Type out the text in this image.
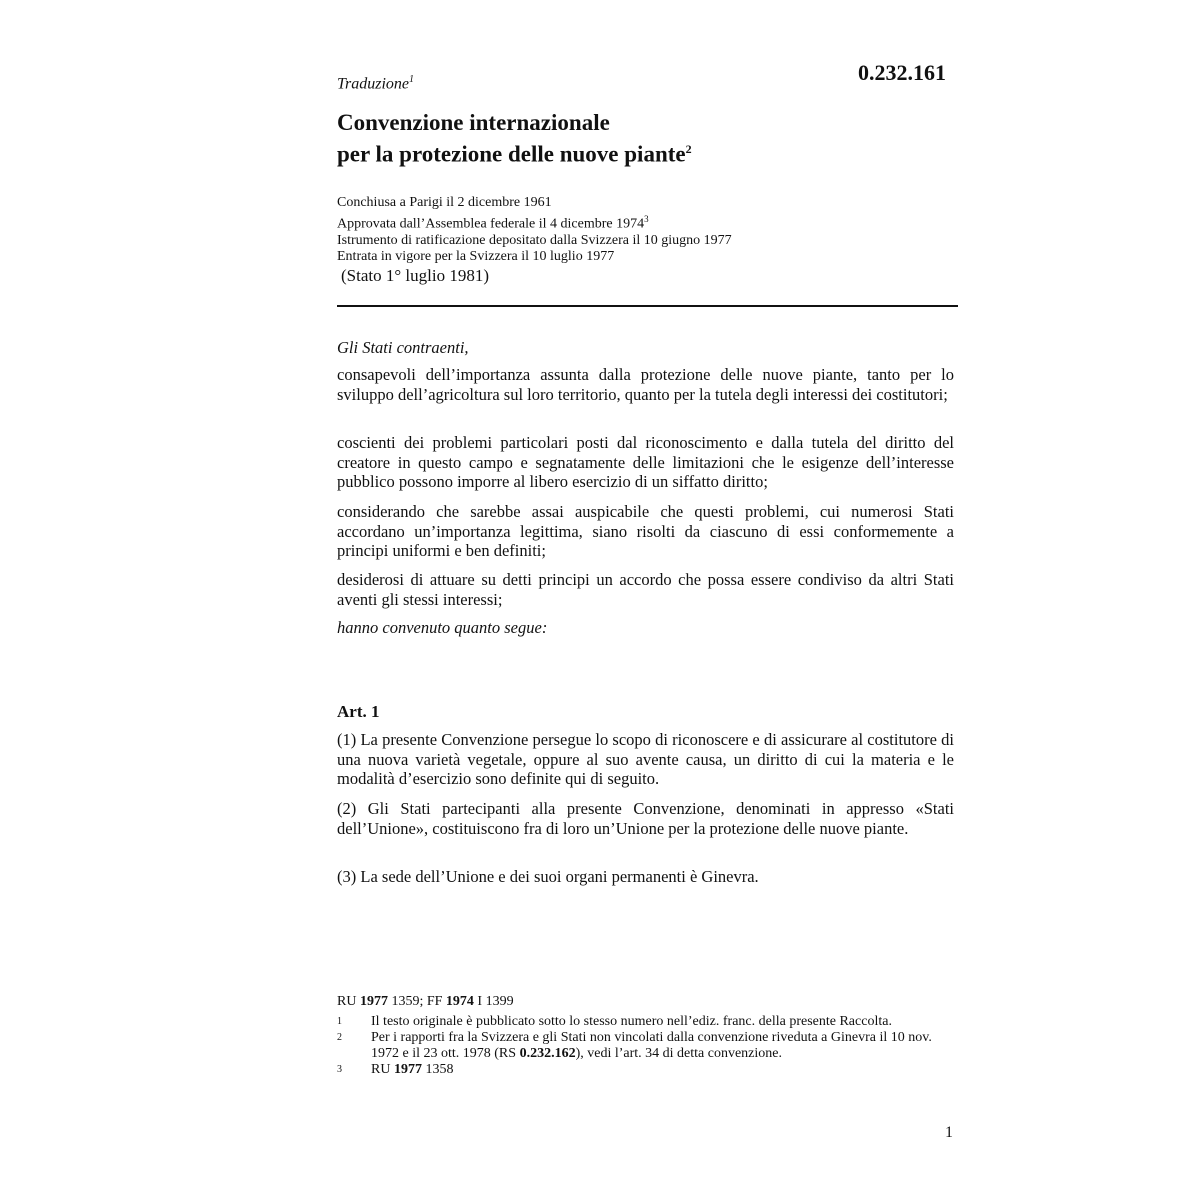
Traduzione$^1$	0.232.161
Convenzione internazionale
per la protezione delle nuove piante$^2$
Conchiusa a Parigi il 2 dicembre 1961
Approvata dall’Assemblea federale il 4 dicembre 1974$^3$
Istrumento di ratificazione depositato dalla Svizzera il 10 giugno 1977
Entrata in vigore per la Svizzera il 10 luglio 1977
(Stato 1° luglio 1981)

Gli Stati contraenti,

consapevoli dell’importanza assunta dalla protezione delle nuove piante, tanto per lo sviluppo dell’agricoltura sul loro territorio, quanto per la tutela degli interessi dei costitutori;

coscienti dei problemi particolari posti dal riconoscimento e dalla tutela del diritto del creatore in questo campo e segnatamente delle limitazioni che le esigenze dell’interesse pubblico possono imporre al libero esercizio di un siffatto diritto;

considerando che sarebbe assai auspicabile che questi problemi, cui numerosi Stati accordano un’importanza legittima, siano risolti da ciascuno di essi conformemente a principi uniformi e ben definiti;

desiderosi di attuare su detti principi un accordo che possa essere condiviso da altri Stati aventi gli stessi interessi;

hanno convenuto quanto segue:

Art. 1

(1) La presente Convenzione persegue lo scopo di riconoscere e di assicurare al costitutore di una nuova varietà vegetale, oppure al suo avente causa, un diritto di cui la materia e le modalità d’esercizio sono definite qui di seguito.

(2) Gli Stati partecipanti alla presente Convenzione, denominati in appresso «Stati dell’Unione», costituiscono fra di loro un’Unione per la protezione delle nuove piante.

(3) La sede dell’Unione e dei suoi organi permanenti è Ginevra.

RU 1977 1359; FF 1974 I 1399
1	Il testo originale è pubblicato sotto lo stesso numero nell’ediz. franc. della presente Raccolta.
2	Per i rapporti fra la Svizzera e gli Stati non vincolati dalla convenzione riveduta a Ginevra il 10 nov. 1972 e il 23 ott. 1978 (RS 0.232.162), vedi l’art. 34 di detta convenzione.
3	RU 1977 1358
1
